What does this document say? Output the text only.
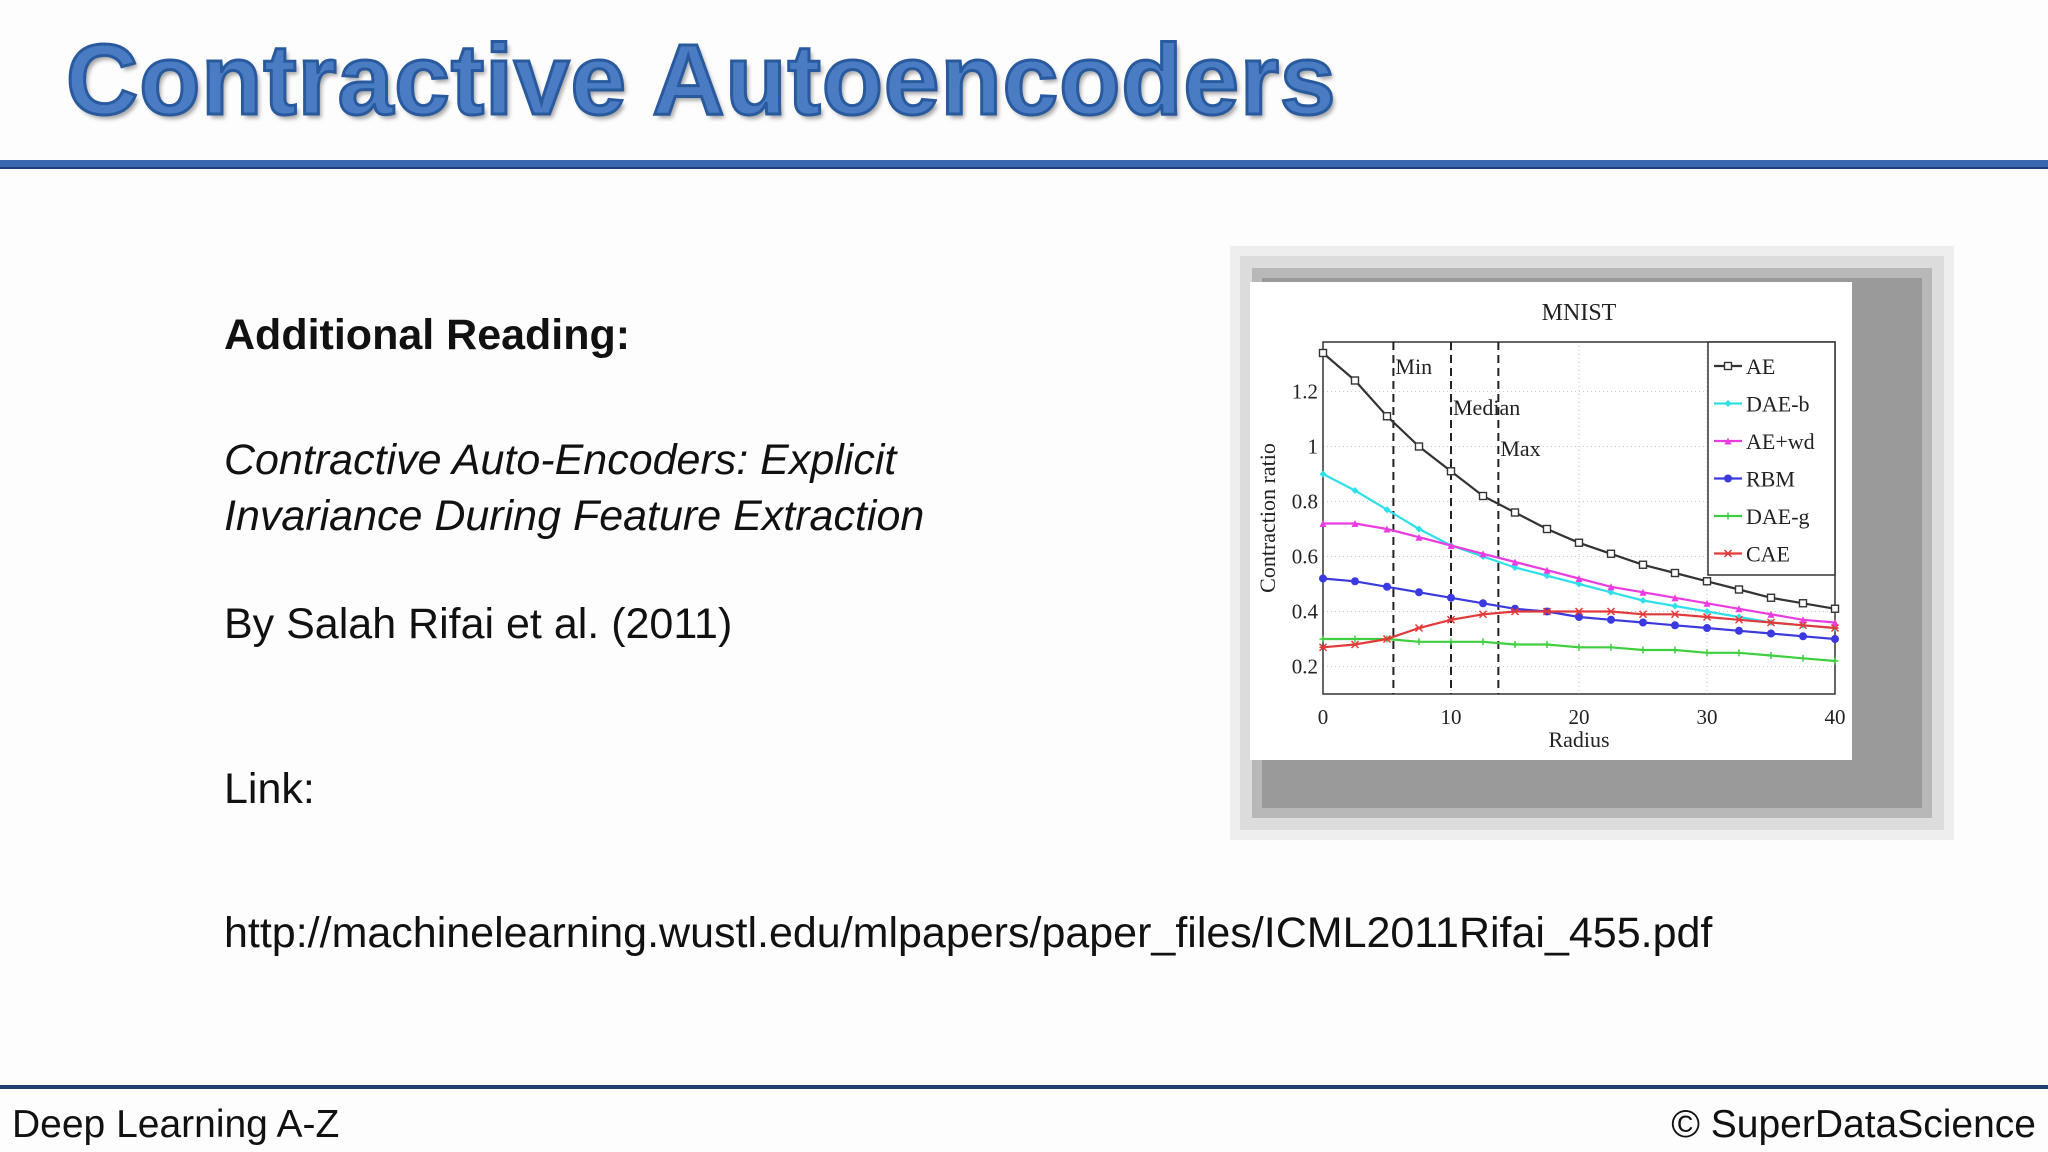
Contractive Autoencoders
Additional Reading:
Contractive Auto-Encoders: Explicit
Invariance During Feature Extraction
By Salah Rifai et al. (2011)
Link:
http://machinelearning.wustl.edu/mlpapers/paper_files/ICML2011Rifai_455.pdf
MNIST
0	10	20	30	40
0.2
0.4
0.6
0.8
1
1.2
Radius
Contraction ratio
Min
Median
Max
AE
DAE-b
AE+wd
RBM
DAE-g
CAE
Deep Learning A-Z	© SuperDataScience
